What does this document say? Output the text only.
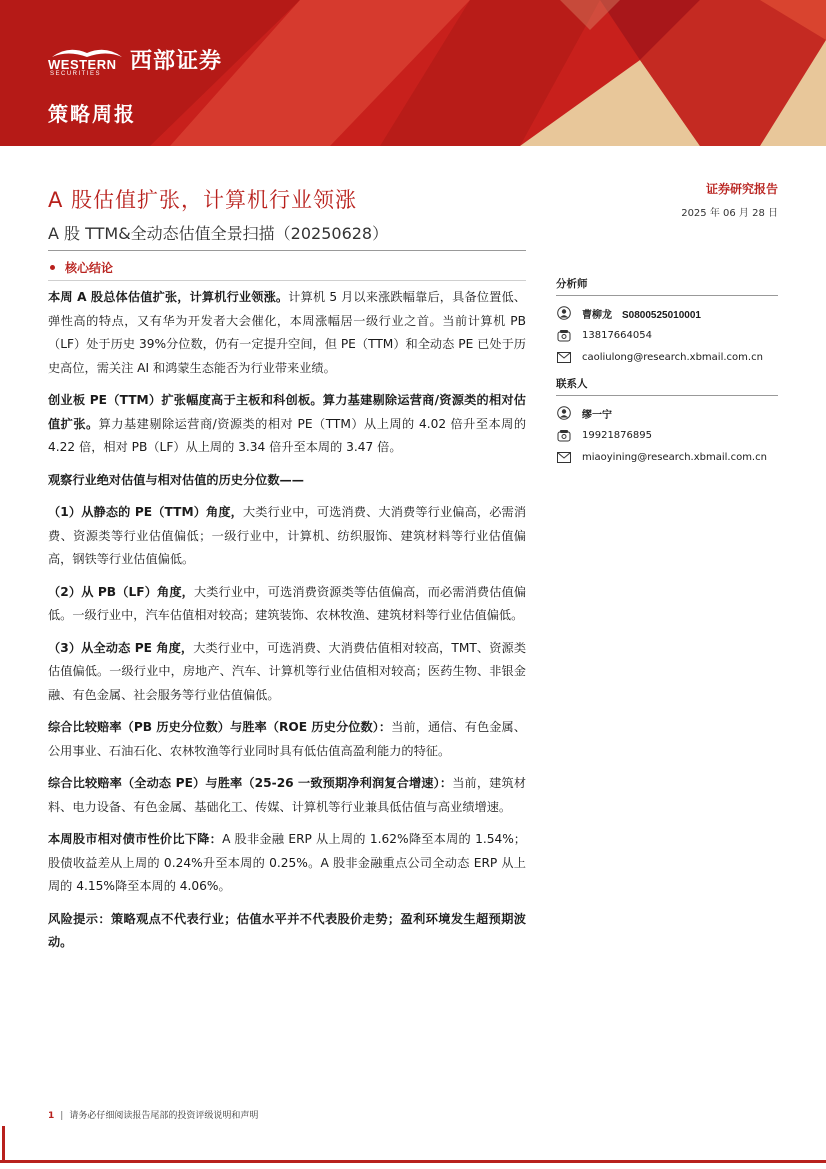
WESTERN
SECURITIES 西部证券
策略周报
A 股估值扩张，计算机行业领涨
A 股 TTM&全动态估值全景扫描（20250628）
证券研究报告
2025 年 06 月 28 日
核心结论

本周 A 股总体估值扩张，计算机行业领涨。计算机 5 月以来涨跌幅靠后，具备位置低、弹性高的特点，又有华为开发者大会催化，本周涨幅居一级行业之首。当前计算机 PB（LF）处于历史 39%分位数，仍有一定提升空间，但 PE（TTM）和全动态 PE 已处于历史高位，需关注 AI 和鸿蒙生态能否为行业带来业绩。

创业板 PE（TTM）扩张幅度高于主板和科创板。算力基建剔除运营商/资源类的相对估值扩张。算力基建剔除运营商/资源类的相对 PE（TTM）从上周的 4.02 倍升至本周的 4.22 倍，相对 PB（LF）从上周的 3.34 倍升至本周的 3.47 倍。

观察行业绝对估值与相对估值的历史分位数——

（1）从静态的 PE（TTM）角度，大类行业中，可选消费、大消费等行业偏高，必需消费、资源类等行业估值偏低；一级行业中，计算机、纺织服饰、建筑材料等行业估值偏高，钢铁等行业估值偏低。

（2）从 PB（LF）角度，大类行业中，可选消费资源类等估值偏高，而必需消费估值偏低。一级行业中，汽车估值相对较高；建筑装饰、农林牧渔、建筑材料等行业估值偏低。

（3）从全动态 PE 角度，大类行业中，可选消费、大消费估值相对较高，TMT、资源类估值偏低。一级行业中，房地产、汽车、计算机等行业估值相对较高；医药生物、非银金融、有色金属、社会服务等行业估值偏低。

综合比较赔率（PB 历史分位数）与胜率（ROE 历史分位数）：当前，通信、有色金属、公用事业、石油石化、农林牧渔等行业同时具有低估值高盈利能力的特征。

综合比较赔率（全动态 PE）与胜率（25-26 一致预期净利润复合增速）：当前，建筑材料、电力设备、有色金属、基础化工、传媒、计算机等行业兼具低估值与高业绩增速。

本周股市相对债市性价比下降：A 股非金融 ERP 从上周的 1.62%降至本周的 1.54%；股债收益差从上周的 0.24%升至本周的 0.25%。A 股非金融重点公司全动态 ERP 从上周的 4.15%降至本周的 4.06%。

风险提示：策略观点不代表行业；估值水平并不代表股价走势；盈利环境发生超预期波动。

分析师
曹柳龙 S0800525010001
13817664054
caoliulong@research.xbmail.com.cn
联系人
缪一宁
19921876895
miaoyining@research.xbmail.com.cn
1 | 请务必仔细阅读报告尾部的投资评级说明和声明
